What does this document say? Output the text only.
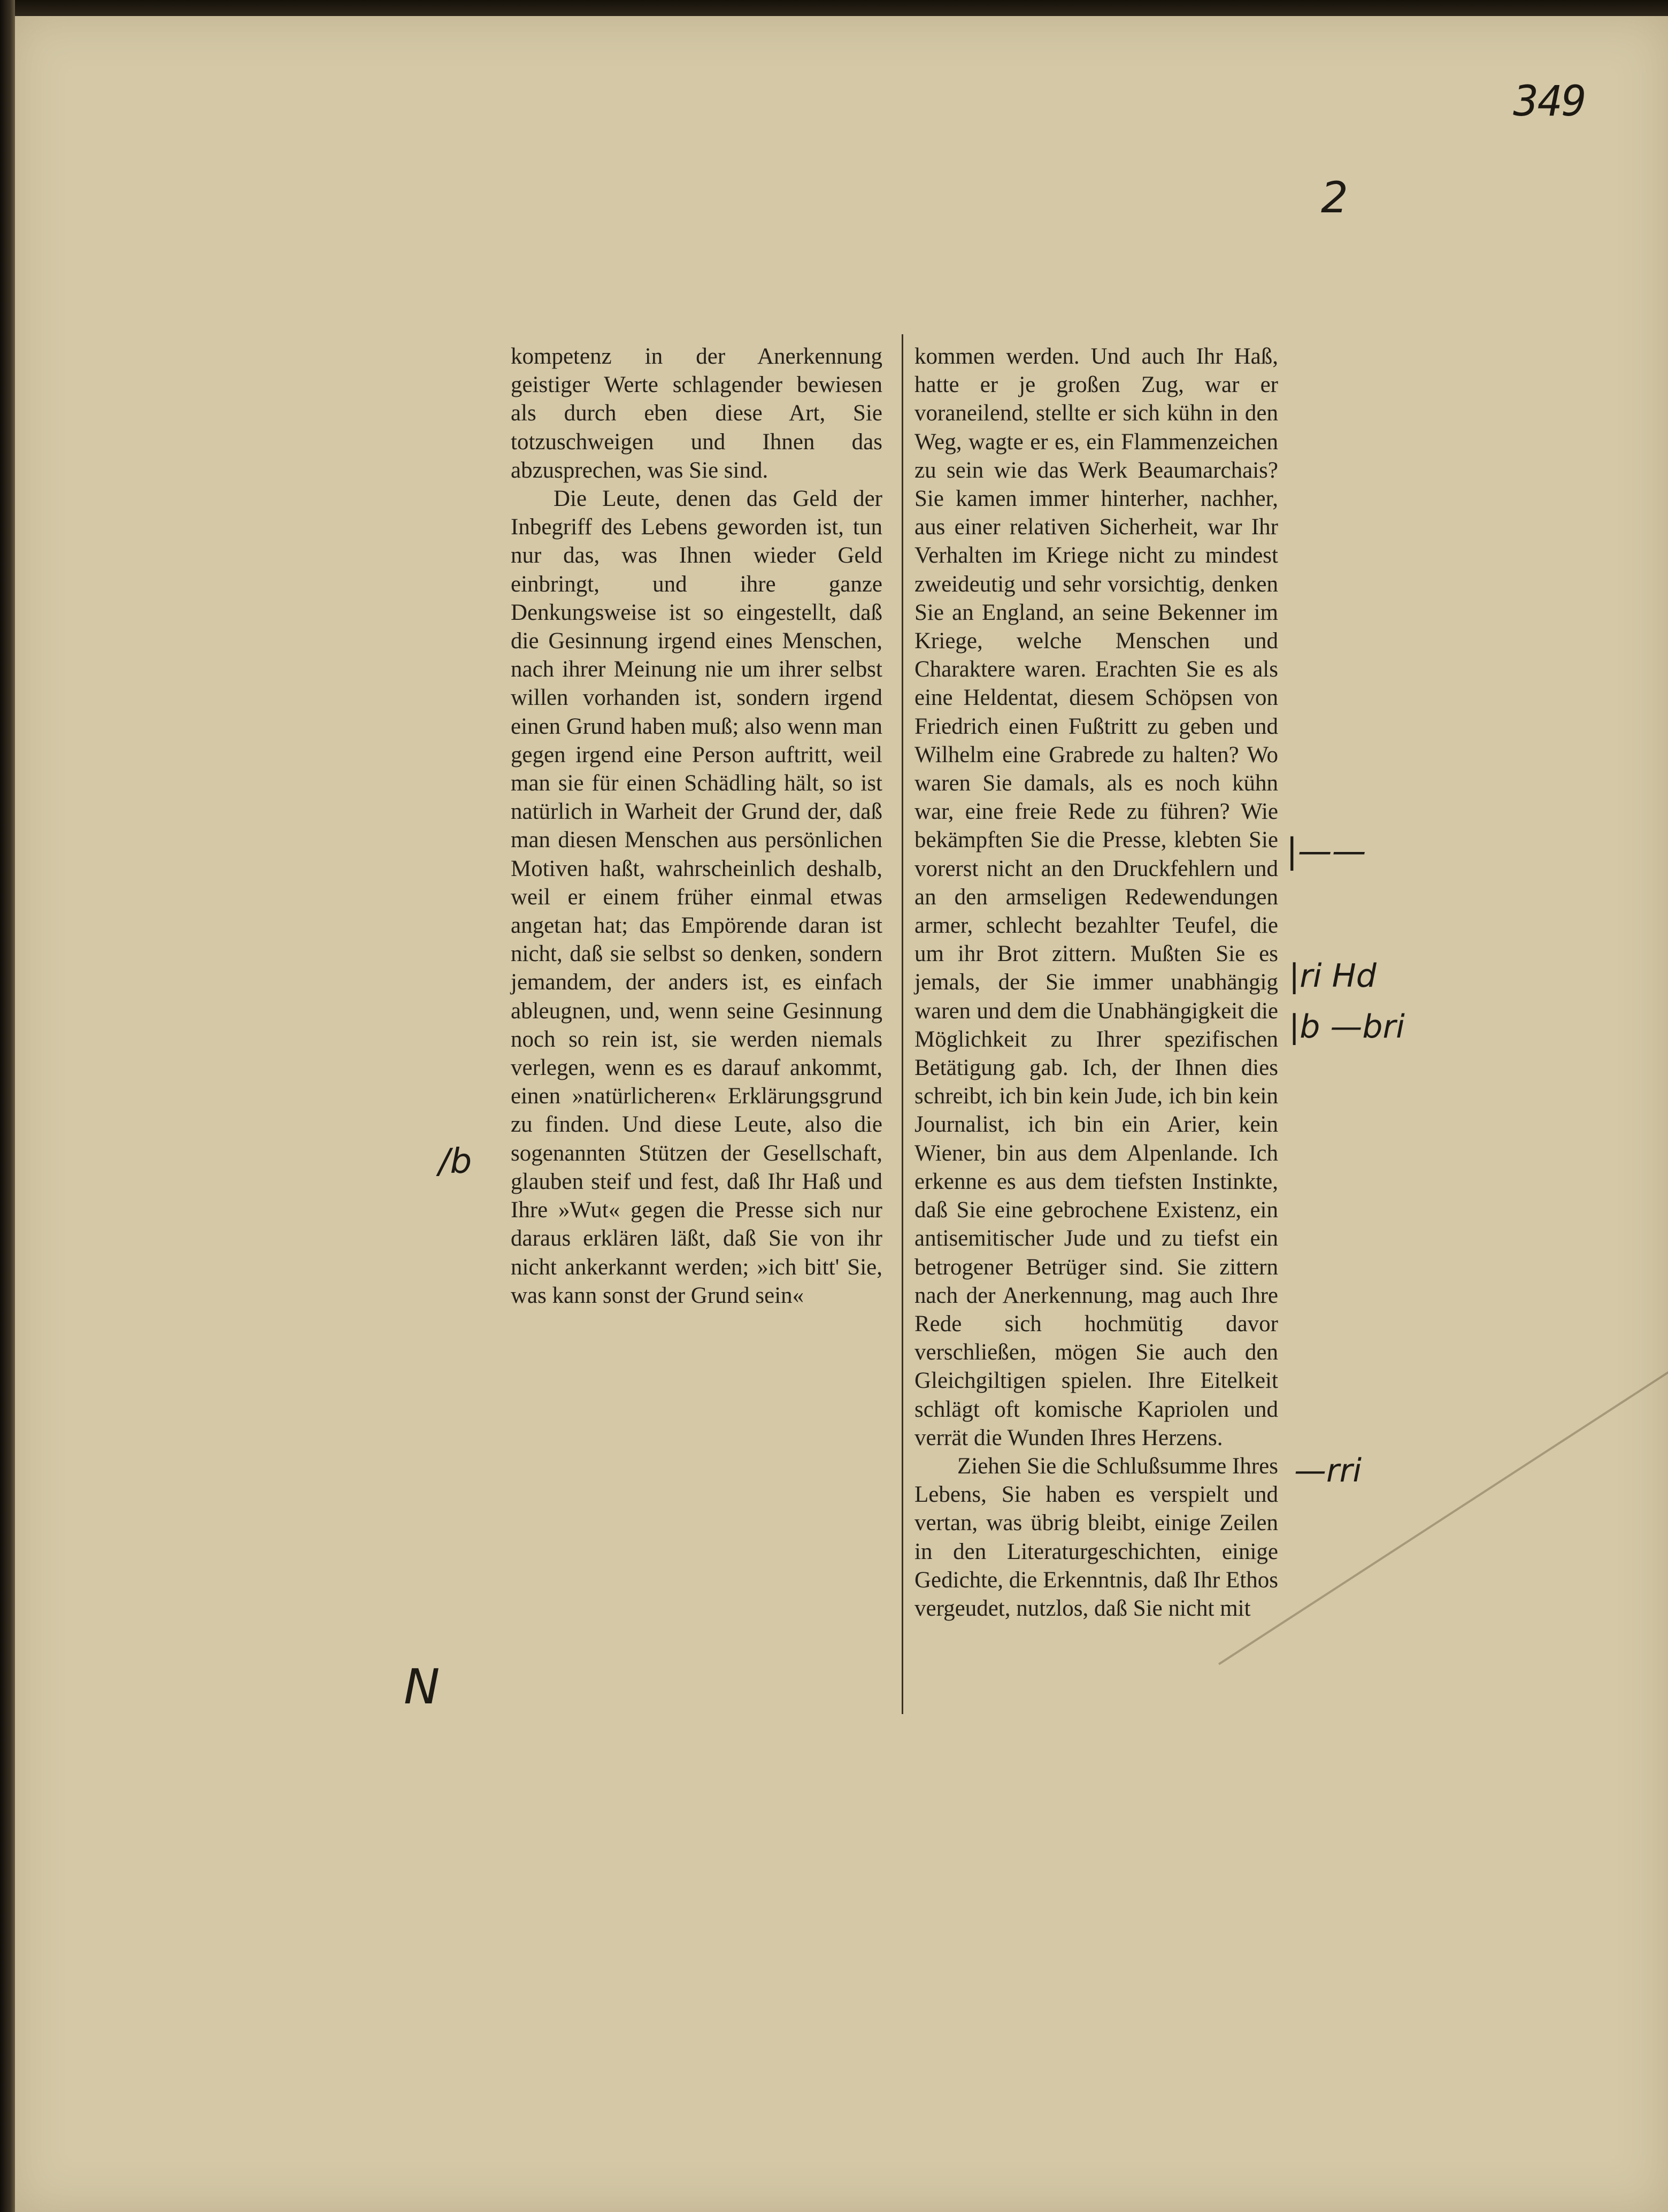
349
2
|——
|ri Hd
|b —bri
/b
—rri
N

kompetenz in der Anerkennung geistiger Werte schlagender bewiesen als durch eben diese Art, Sie totzuschweigen und Ihnen das abzusprechen, was Sie sind.

Die Leute, denen das Geld der Inbegriff des Lebens geworden ist, tun nur das, was Ihnen wieder Geld einbringt, und ihre ganze Denkungsweise ist so eingestellt, daß die Gesinnung irgend eines Menschen, nach ihrer Meinung nie um ihrer selbst willen vorhanden ist, sondern irgend einen Grund haben muß; also wenn man gegen irgend eine Person auftritt, weil man sie für einen Schädling hält, so ist natürlich in Warheit der Grund der, daß man diesen Menschen aus persönlichen Motiven haßt, wahrscheinlich deshalb, weil er einem früher einmal etwas angetan hat; das Empörende daran ist nicht, daß sie selbst so denken, sondern jemandem, der anders ist, es einfach ableugnen, und, wenn seine Gesinnung noch so rein ist, sie werden niemals verlegen, wenn es es darauf ankommt, einen »natürlicheren« Erklärungsgrund zu finden. Und diese Leute, also die sogenannten Stützen der Gesellschaft, glauben steif und fest, daß Ihr Haß und Ihre »Wut« gegen die Presse sich nur daraus erklären läßt, daß Sie von ihr nicht ankerkannt werden; »ich bitt' Sie, was kann sonst der Grund sein«

kommen werden. Und auch Ihr Haß, hatte er je großen Zug, war er voraneilend, stellte er sich kühn in den Weg, wagte er es, ein Flammenzeichen zu sein wie das Werk Beaumarchais? Sie kamen immer hinterher, nachher, aus einer relativen Sicherheit, war Ihr Verhalten im Kriege nicht zu mindest zweideutig und sehr vorsichtig, denken Sie an England, an seine Bekenner im Kriege, welche Menschen und Charaktere waren. Erachten Sie es als eine Heldentat, diesem Schöpsen von Friedrich einen Fußtritt zu geben und Wilhelm eine Grabrede zu halten? Wo waren Sie damals, als es noch kühn war, eine freie Rede zu führen? Wie bekämpften Sie die Presse, klebten Sie vorerst nicht an den Druckfehlern und an den armseligen Redewendungen armer, schlecht bezahlter Teufel, die um ihr Brot zittern. Mußten Sie es jemals, der Sie immer unabhängig waren und dem die Unabhängigkeit die Möglichkeit zu Ihrer spezifischen Betätigung gab. Ich, der Ihnen dies schreibt, ich bin kein Jude, ich bin kein Journalist, ich bin ein Arier, kein Wiener, bin aus dem Alpenlande. Ich erkenne es aus dem tiefsten Instinkte, daß Sie eine gebrochene Existenz, ein antisemitischer Jude und zu tiefst ein betrogener Betrüger sind. Sie zittern nach der Anerkennung, mag auch Ihre Rede sich hochmütig davor verschließen, mögen Sie auch den Gleichgiltigen spielen. Ihre Eitelkeit schlägt oft komische Kapriolen und verrät die Wunden Ihres Herzens.

Ziehen Sie die Schlußsumme Ihres Lebens, Sie haben es verspielt und vertan, was übrig bleibt, einige Zeilen in den Literaturgeschichten, einige Gedichte, die Erkenntnis, daß Ihr Ethos vergeudet, nutzlos, daß Sie nicht mit
